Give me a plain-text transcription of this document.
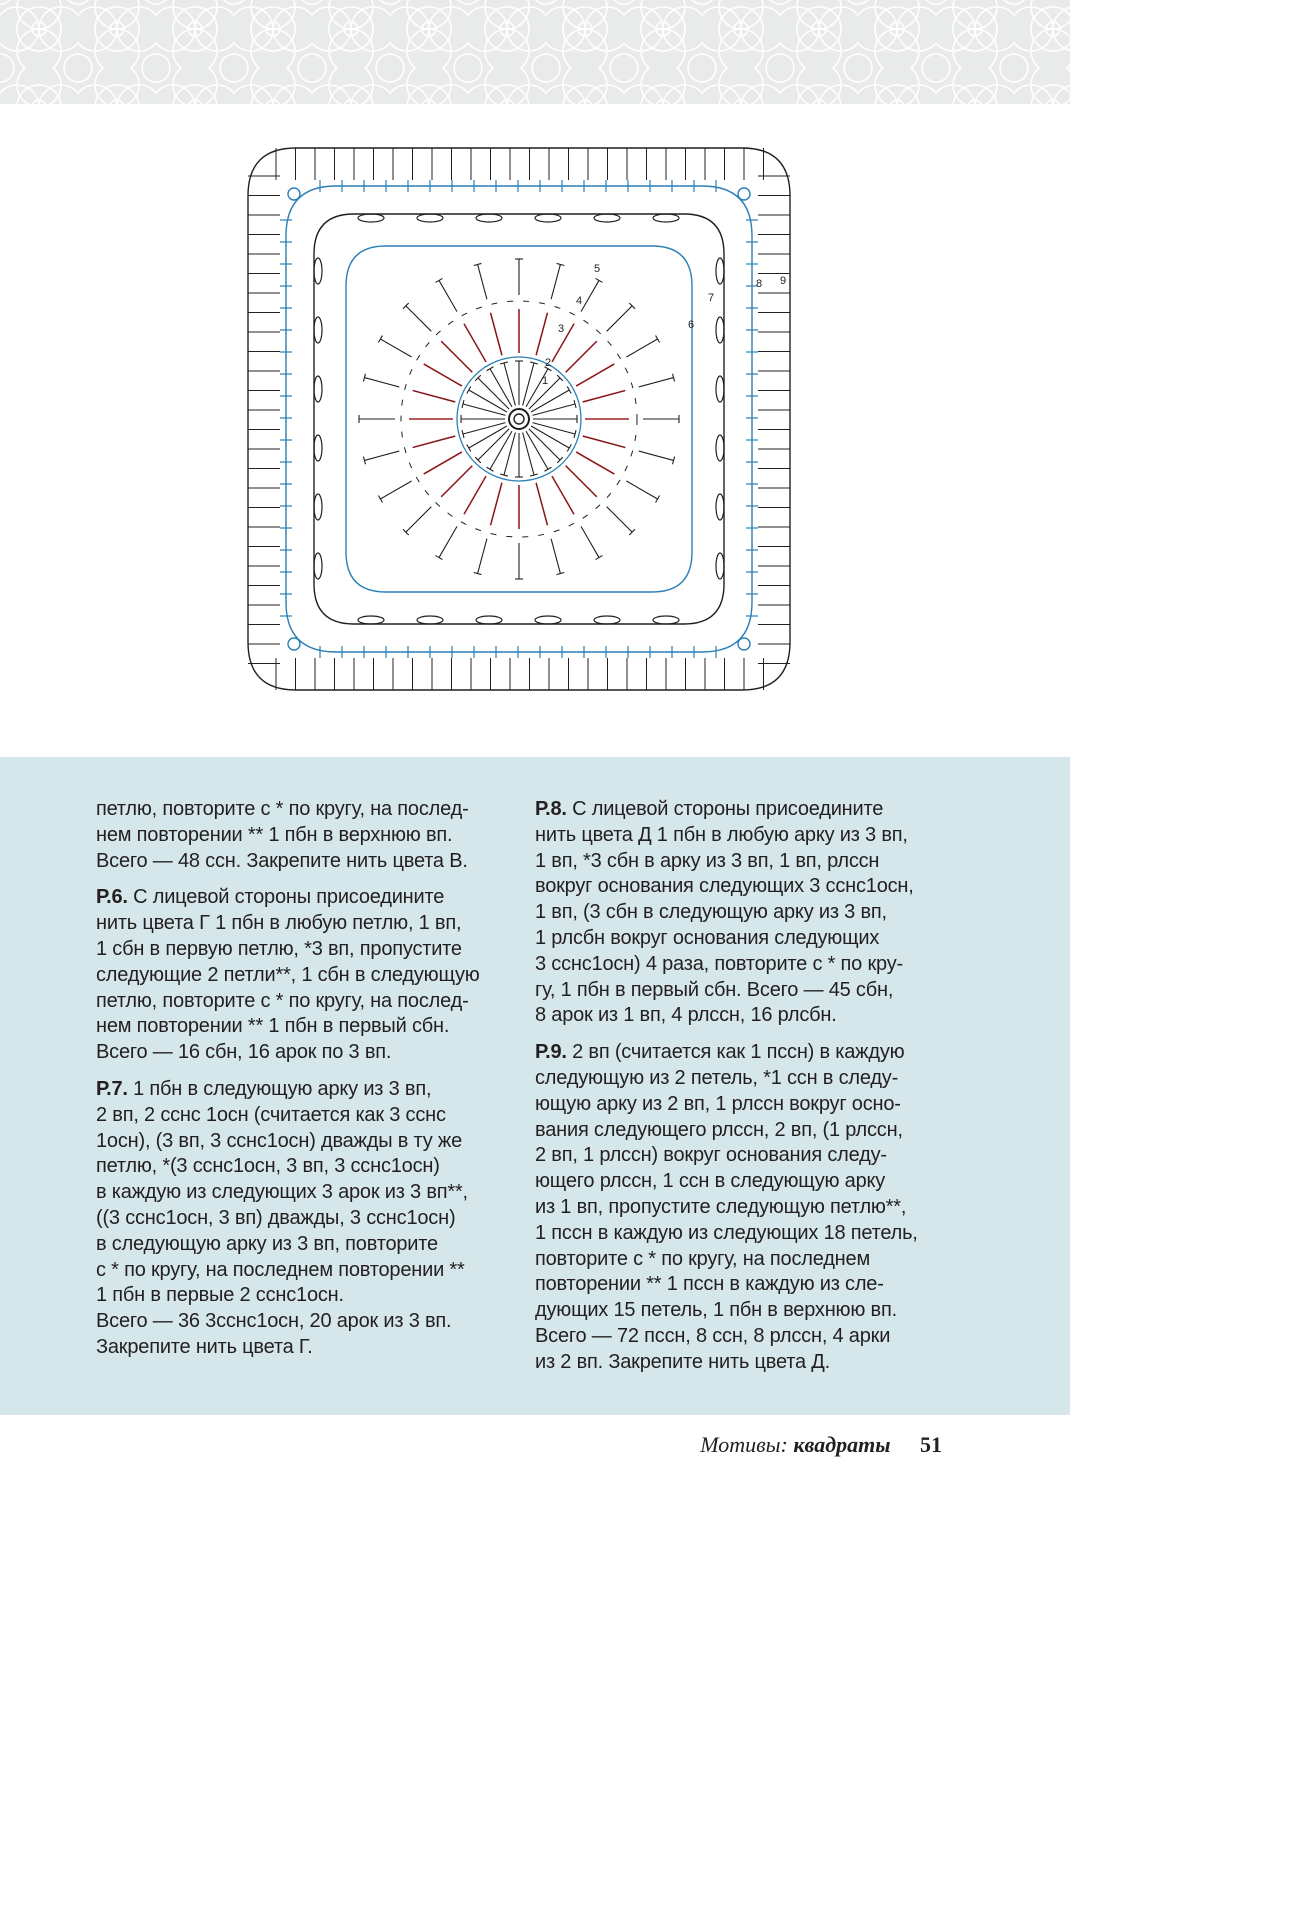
1
2
3
4
5
6
7
8 9
петлю, повторите с * по кругу, на послед-
нем повторении ** 1 пбн в верхнюю вп.
Всего — 48 ссн. Закрепите нить цвета В.
Р.6. С лицевой стороны присоедините
нить цвета Г 1 пбн в любую петлю, 1 вп,
1 сбн в первую петлю, *3 вп, пропустите
следующие 2 петли**, 1 сбн в следующую
петлю, повторите с * по кругу, на послед-
нем повторении ** 1 пбн в первый сбн.
Всего — 16 сбн, 16 арок по 3 вп.
Р.7. 1 пбн в следующую арку из 3 вп,
2 вп, 2 сснс 1осн (считается как 3 сснс
1осн), (3 вп, 3 сснс1осн) дважды в ту же
петлю, *(3 сснс1осн, 3 вп, 3 сснс1осн)
в каждую из следующих 3 арок из 3 вп**,
((3 сснс1осн, 3 вп) дважды, 3 сснс1осн)
в следующую арку из 3 вп, повторите
с * по кругу, на последнем повторении **
1 пбн в первые 2 сснс1осн.
Всего — 36 3сснс1осн, 20 арок из 3 вп.
Закрепите нить цвета Г.
Р.8. С лицевой стороны присоедините
нить цвета Д 1 пбн в любую арку из 3 вп,
1 вп, *3 сбн в арку из 3 вп, 1 вп, рлссн
вокруг основания следующих 3 сснс1осн,
1 вп, (3 сбн в следующую арку из 3 вп,
1 рлсбн вокруг основания следующих
3 сснс1осн) 4 раза, повторите с * по кру-
гу, 1 пбн в первый сбн. Всего — 45 сбн,
8 арок из 1 вп, 4 рлссн, 16 рлсбн.
Р.9. 2 вп (считается как 1 пссн) в каждую
следующую из 2 петель, *1 ссн в следу-
ющую арку из 2 вп, 1 рлссн вокруг осно-
вания следующего рлссн, 2 вп, (1 рлссн,
2 вп, 1 рлссн) вокруг основания следу-
ющего рлссн, 1 ссн в следующую арку
из 1 вп, пропустите следующую петлю**,
1 пссн в каждую из следующих 18 петель,
повторите с * по кругу, на последнем
повторении ** 1 пссн в каждую из сле-
дующих 15 петель, 1 пбн в верхнюю вп.
Всего — 72 пссн, 8 ссн, 8 рлссн, 4 арки
из 2 вп. Закрепите нить цвета Д.
Мотивы: квадраты 51
